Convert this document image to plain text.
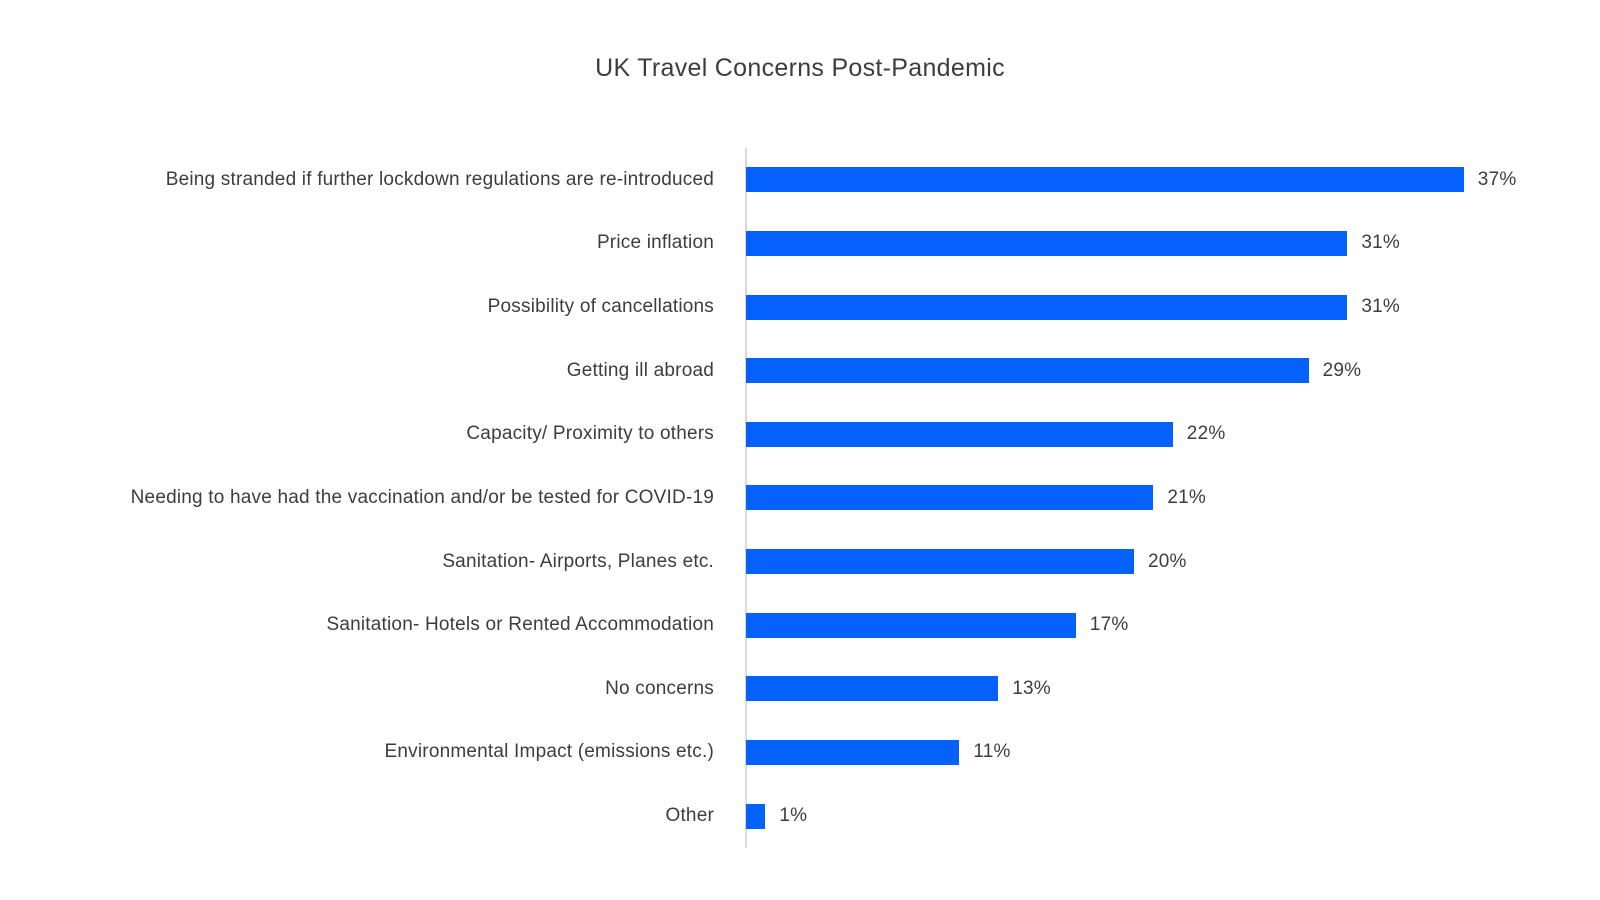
UK Travel Concerns Post-Pandemic
Being stranded if further lockdown regulations are re-introduced	37%
Price inflation	31%
Possibility of cancellations	31%
Getting ill abroad	29%
Capacity/ Proximity to others	22%
Needing to have had the vaccination and/or be tested for COVID-19	21%
Sanitation- Airports, Planes etc.	20%
Sanitation- Hotels or Rented Accommodation	17%
No concerns	13%
Environmental Impact (emissions etc.)	11%
Other	1%
